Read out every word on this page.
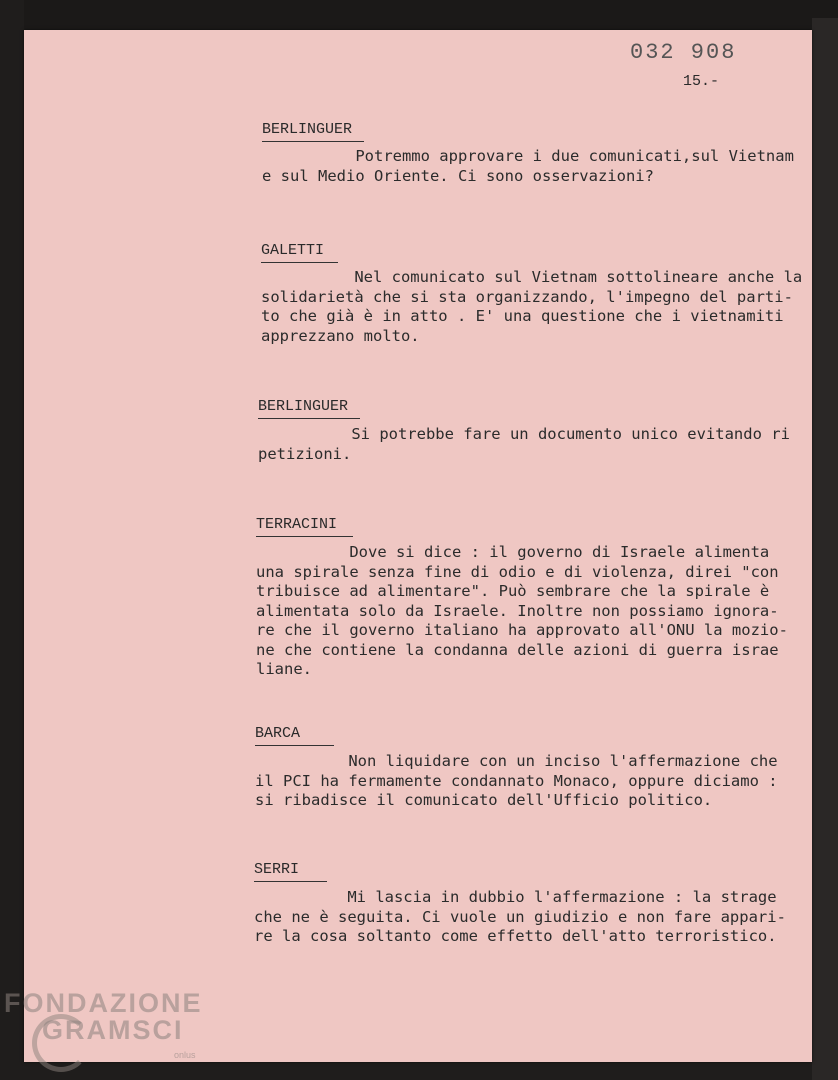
032 908
15.-
BERLINGUER
Potremmo approvare i due comunicati,sul Vietnam
e sul Medio Oriente. Ci sono osservazioni?
GALETTI
Nel comunicato sul Vietnam sottolineare anche la
solidarietà che si sta organizzando, l'impegno del parti-
to che già è in atto . E' una questione che i vietnamiti
apprezzano molto.
BERLINGUER
Si potrebbe fare un documento unico evitando ri
petizioni.
TERRACINI
Dove si dice : il governo di Israele alimenta
una spirale senza fine di odio e di violenza, direi "con
tribuisce ad alimentare". Può sembrare che la spirale è
alimentata solo da Israele. Inoltre non possiamo ignora-
re che il governo italiano ha approvato all'ONU la mozio-
ne che contiene la condanna delle azioni di guerra israe
liane.
BARCA
Non liquidare con un inciso l'affermazione che
il PCI ha fermamente condannato Monaco, oppure diciamo :
si ribadisce il comunicato dell'Ufficio politico.
SERRI
Mi lascia in dubbio l'affermazione : la strage
che ne è seguita. Ci vuole un giudizio e non fare appari-
re la cosa soltanto come effetto dell'atto terroristico.
FONDAZIONE
GRAMSCI
onlus
